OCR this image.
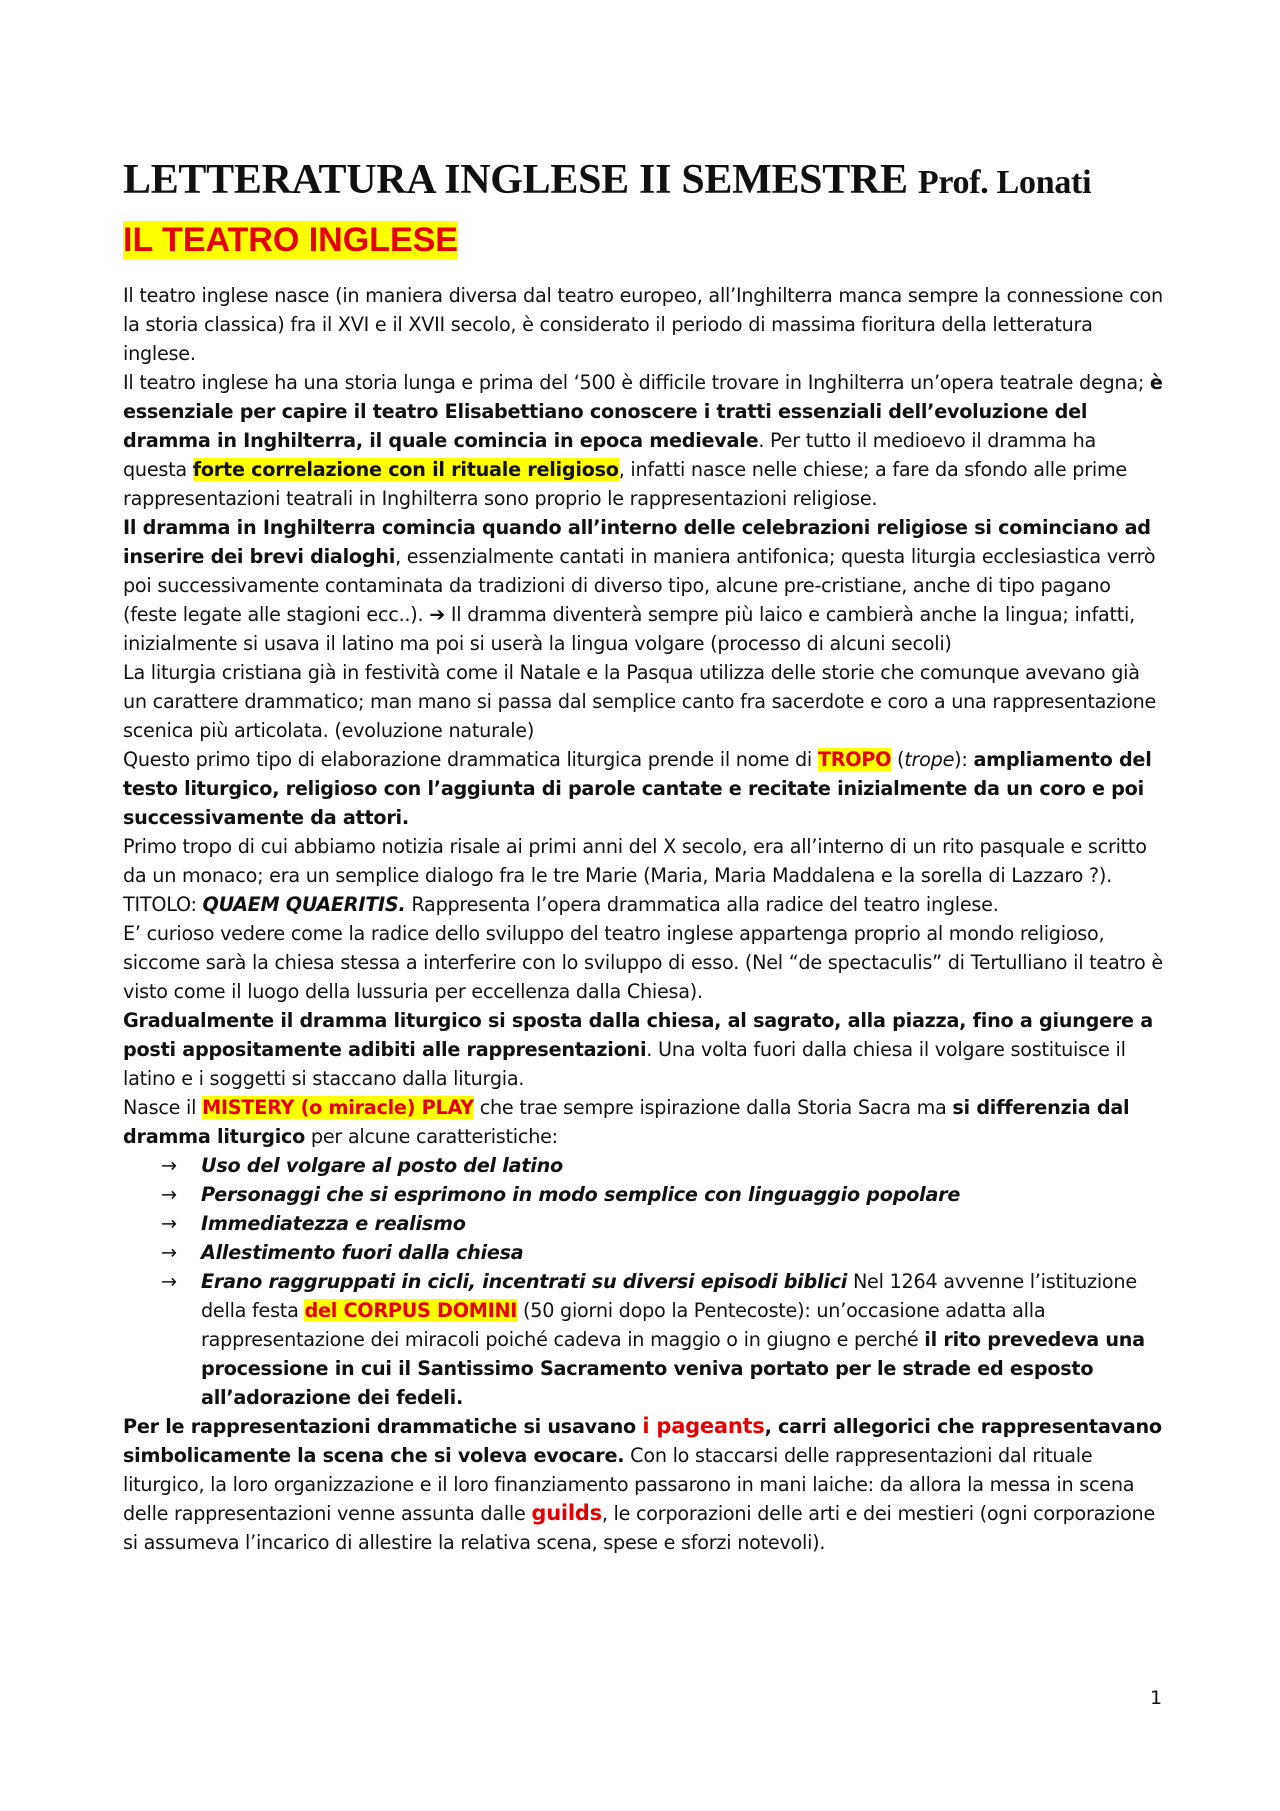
LETTERATURA INGLESE II SEMESTRE Prof. Lonati
IL TEATRO INGLESE

Il teatro inglese nasce (in maniera diversa dal teatro europeo, all’Inghilterra manca sempre la connessione con la storia classica) fra il XVI e il XVII secolo, è considerato il periodo di massima fioritura della letteratura inglese.

Il teatro inglese ha una storia lunga e prima del ‘500 è difficile trovare in Inghilterra un’opera teatrale degna; è essenziale per capire il teatro Elisabettiano conoscere i tratti essenziali dell’evoluzione del dramma in Inghilterra, il quale comincia in epoca medievale. Per tutto il medioevo il dramma ha questa forte correlazione con il rituale religioso, infatti nasce nelle chiese; a fare da sfondo alle prime rappresentazioni teatrali in Inghilterra sono proprio le rappresentazioni religiose.

Il dramma in Inghilterra comincia quando all’interno delle celebrazioni religiose si cominciano ad inserire dei brevi dialoghi, essenzialmente cantati in maniera antifonica; questa liturgia ecclesiastica verrò poi successivamente contaminata da tradizioni di diverso tipo, alcune pre-cristiane, anche di tipo pagano (feste legate alle stagioni ecc..). ➔ Il dramma diventerà sempre più laico e cambierà anche la lingua; infatti, inizialmente si usava il latino ma poi si userà la lingua volgare (processo di alcuni secoli)

La liturgia cristiana già in festività come il Natale e la Pasqua utilizza delle storie che comunque avevano già un carattere drammatico; man mano si passa dal semplice canto fra sacerdote e coro a una rappresentazione scenica più articolata. (evoluzione naturale)

Questo primo tipo di elaborazione drammatica liturgica prende il nome di TROPO (trope): ampliamento del testo liturgico, religioso con l’aggiunta di parole cantate e recitate inizialmente da un coro e poi successivamente da attori.

Primo tropo di cui abbiamo notizia risale ai primi anni del X secolo, era all’interno di un rito pasquale e scritto da un monaco; era un semplice dialogo fra le tre Marie (Maria, Maria Maddalena e la sorella di Lazzaro ?). TITOLO: QUAEM QUAERITIS. Rappresenta l’opera drammatica alla radice del teatro inglese.

E’ curioso vedere come la radice dello sviluppo del teatro inglese appartenga proprio al mondo religioso, siccome sarà la chiesa stessa a interferire con lo sviluppo di esso. (Nel “de spectaculis” di Tertulliano il teatro è visto come il luogo della lussuria per eccellenza dalla Chiesa).

Gradualmente il dramma liturgico si sposta dalla chiesa, al sagrato, alla piazza, fino a giungere a posti appositamente adibiti alle rappresentazioni. Una volta fuori dalla chiesa il volgare sostituisce il latino e i soggetti si staccano dalla liturgia.

Nasce il MISTERY (o miracle) PLAY che trae sempre ispirazione dalla Storia Sacra ma si differenzia dal dramma liturgico per alcune caratteristiche:

→ Uso del volgare al posto del latino
→ Personaggi che si esprimono in modo semplice con linguaggio popolare
→ Immediatezza e realismo
→ Allestimento fuori dalla chiesa
→ Erano raggruppati in cicli, incentrati su diversi episodi biblici Nel 1264 avvenne l’istituzione della festa del CORPUS DOMINI (50 giorni dopo la Pentecoste): un’occasione adatta alla rappresentazione dei miracoli poiché cadeva in maggio o in giugno e perché il rito prevedeva una processione in cui il Santissimo Sacramento veniva portato per le strade ed esposto all’adorazione dei fedeli.

Per le rappresentazioni drammatiche si usavano i pageants, carri allegorici che rappresentavano simbolicamente la scena che si voleva evocare. Con lo staccarsi delle rappresentazioni dal rituale liturgico, la loro organizzazione e il loro finanziamento passarono in mani laiche: da allora la messa in scena delle rappresentazioni venne assunta dalle guilds, le corporazioni delle arti e dei mestieri (ogni corporazione si assumeva l’incarico di allestire la relativa scena, spese e sforzi notevoli).

1
